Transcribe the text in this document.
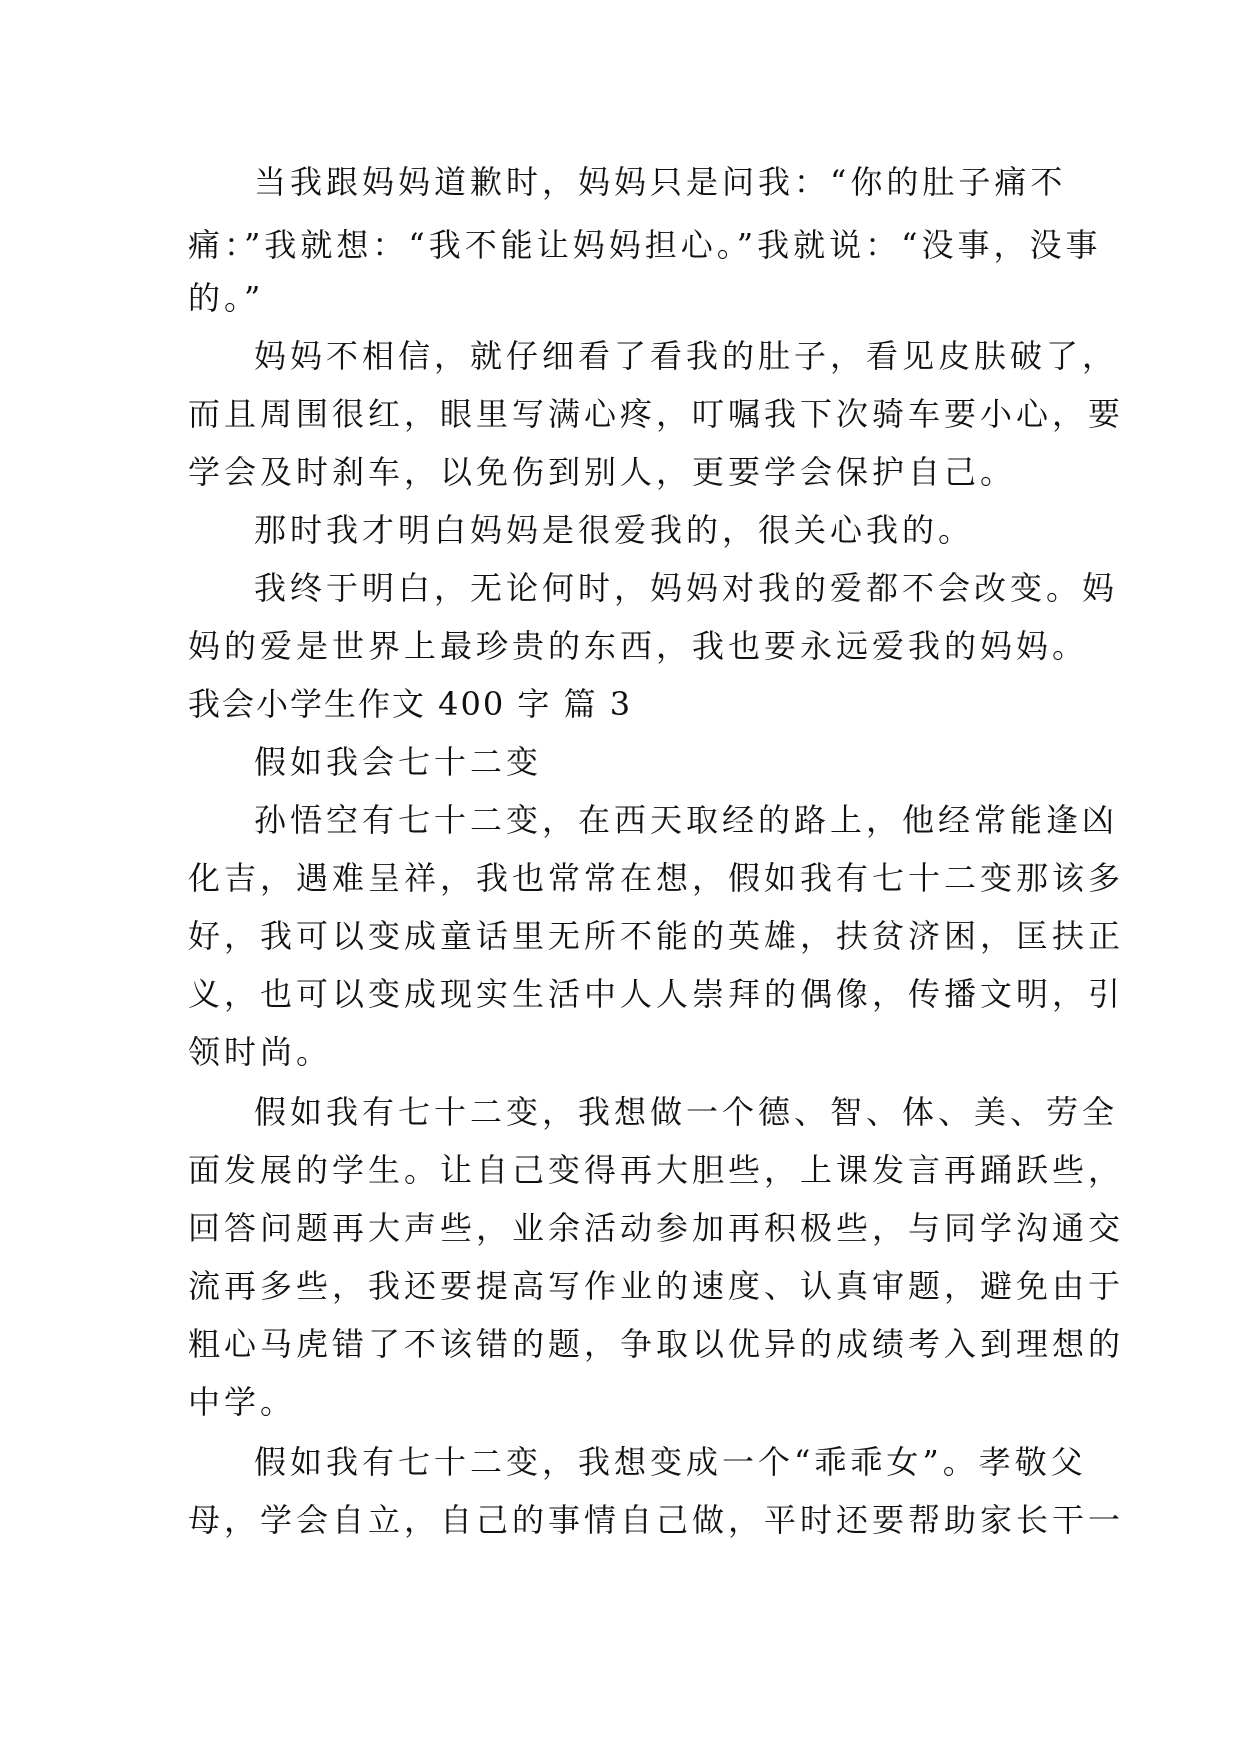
当我跟妈妈道歉时，妈妈只是问我：“你的肚子痛不
痛：”我就想：“我不能让妈妈担心。”我就说：“没事，没事
的。”
妈妈不相信，就仔细看了看我的肚子，看见皮肤破了，
而且周围很红，眼里写满心疼，叮嘱我下次骑车要小心，要
学会及时刹车，以免伤到别人，更要学会保护自己。
那时我才明白妈妈是很爱我的，很关心我的。
我终于明白，无论何时，妈妈对我的爱都不会改变。妈
妈的爱是世界上最珍贵的东西，我也要永远爱我的妈妈。
我会小学生作文 400 字 篇 3
假如我会七十二变
孙悟空有七十二变，在西天取经的路上，他经常能逢凶
化吉，遇难呈祥，我也常常在想，假如我有七十二变那该多
好，我可以变成童话里无所不能的英雄，扶贫济困，匡扶正
义，也可以变成现实生活中人人崇拜的偶像，传播文明，引
领时尚。
假如我有七十二变，我想做一个德、智、体、美、劳全
面发展的学生。让自己变得再大胆些，上课发言再踊跃些，
回答问题再大声些，业余活动参加再积极些，与同学沟通交
流再多些，我还要提高写作业的速度、认真审题，避免由于
粗心马虎错了不该错的题，争取以优异的成绩考入到理想的
中学。
假如我有七十二变，我想变成一个“乖乖女”。孝敬父
母，学会自立，自己的事情自己做，平时还要帮助家长干一
